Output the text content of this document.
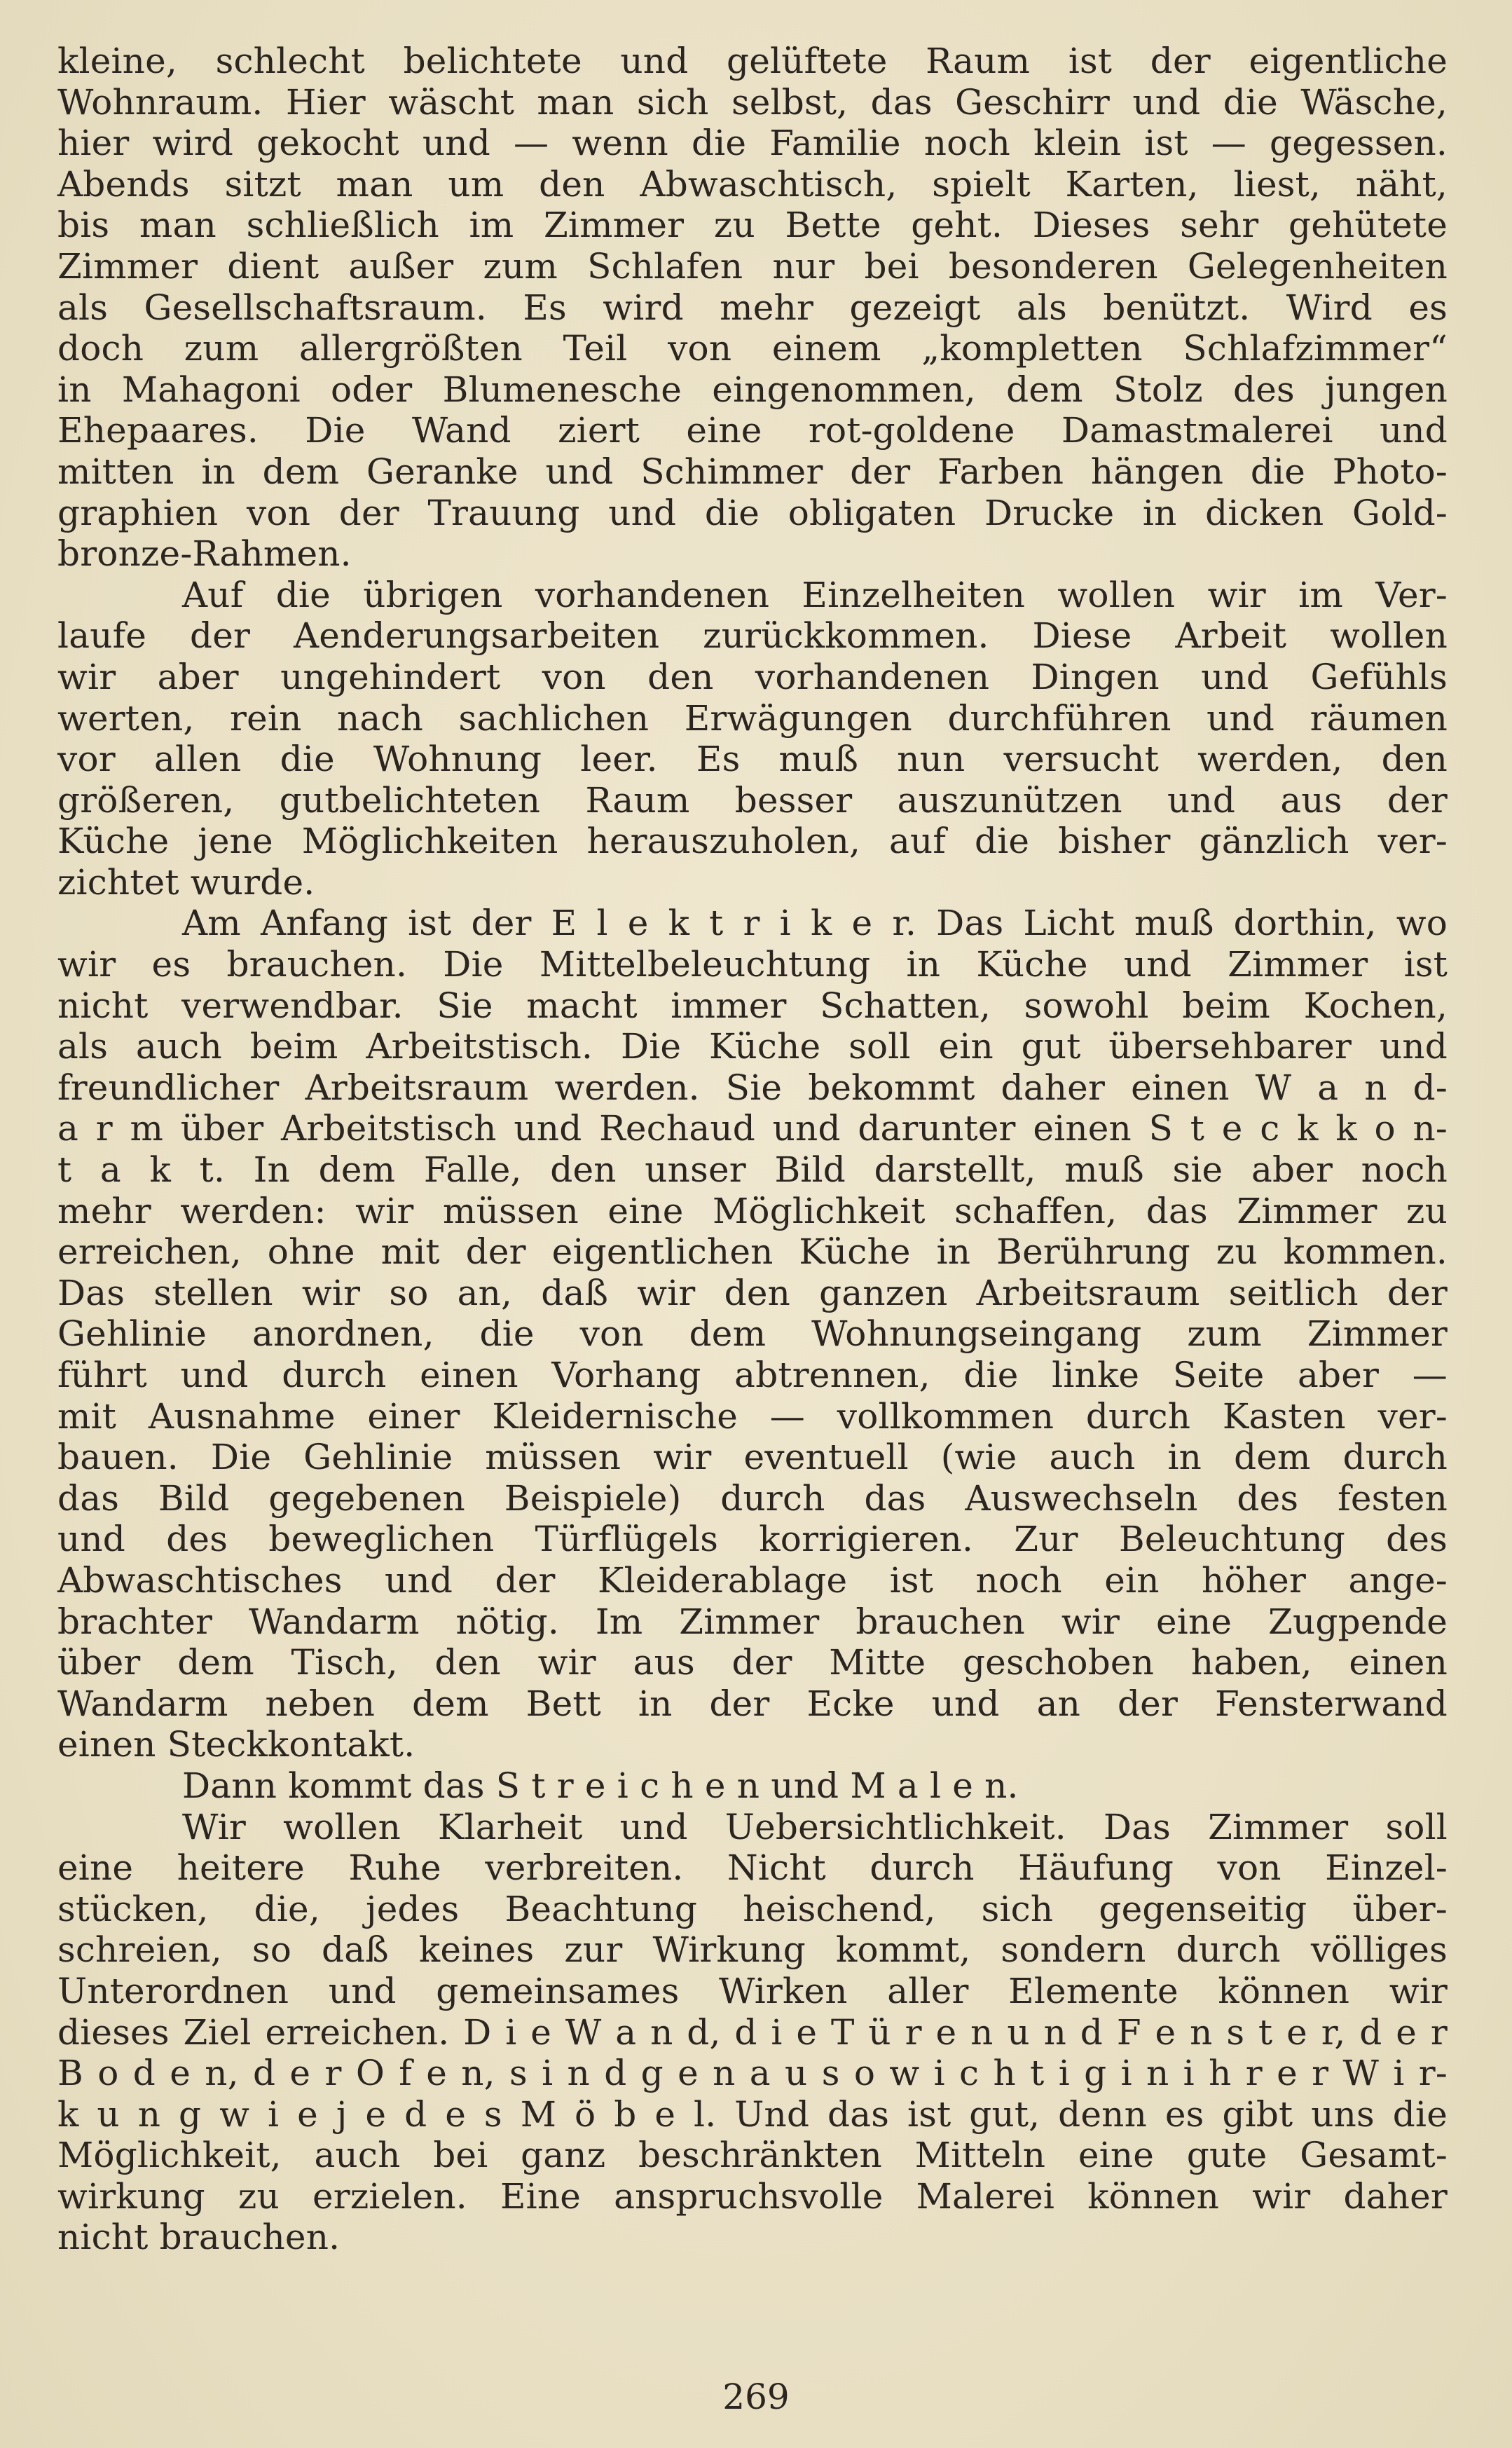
kleine, schlecht belichtete und gelüftete Raum ist der eigentliche
Wohnraum. Hier wäscht man sich selbst, das Geschirr und die Wäsche,
hier wird gekocht und — wenn die Familie noch klein ist — gegessen.
Abends sitzt man um den Abwaschtisch, spielt Karten, liest, näht,
bis man schließlich im Zimmer zu Bette geht. Dieses sehr gehütete
Zimmer dient außer zum Schlafen nur bei besonderen Gelegenheiten
als Gesellschaftsraum. Es wird mehr gezeigt als benützt. Wird es
doch zum allergrößten Teil von einem „kompletten Schlafzimmer“
in Mahagoni oder Blumenesche eingenommen, dem Stolz des jungen
Ehepaares. Die Wand ziert eine rot-goldene Damastmalerei und
mitten in dem Geranke und Schimmer der Farben hängen die Photo-
graphien von der Trauung und die obligaten Drucke in dicken Gold-
bronze-Rahmen.
Auf die übrigen vorhandenen Einzelheiten wollen wir im Ver-
laufe der Aenderungsarbeiten zurückkommen. Diese Arbeit wollen
wir aber ungehindert von den vorhandenen Dingen und Gefühls
werten, rein nach sachlichen Erwägungen durchführen und räumen
vor allen die Wohnung leer. Es muß nun versucht werden, den
größeren, gutbelichteten Raum besser auszunützen und aus der
Küche jene Möglichkeiten herauszuholen, auf die bisher gänzlich ver-
zichtet wurde.
Am Anfang ist der E l e k t r i k e r. Das Licht muß dorthin, wo
wir es brauchen. Die Mittelbeleuchtung in Küche und Zimmer ist
nicht verwendbar. Sie macht immer Schatten, sowohl beim Kochen,
als auch beim Arbeitstisch. Die Küche soll ein gut übersehbarer und
freundlicher Arbeitsraum werden. Sie bekommt daher einen W a n d-
a r m über Arbeitstisch und Rechaud und darunter einen S t e c k k o n-
t a k t. In dem Falle, den unser Bild darstellt, muß sie aber noch
mehr werden: wir müssen eine Möglichkeit schaffen, das Zimmer zu
erreichen, ohne mit der eigentlichen Küche in Berührung zu kommen.
Das stellen wir so an, daß wir den ganzen Arbeitsraum seitlich der
Gehlinie anordnen, die von dem Wohnungseingang zum Zimmer
führt und durch einen Vorhang abtrennen, die linke Seite aber —
mit Ausnahme einer Kleidernische — vollkommen durch Kasten ver-
bauen. Die Gehlinie müssen wir eventuell (wie auch in dem durch
das Bild gegebenen Beispiele) durch das Auswechseln des festen
und des beweglichen Türflügels korrigieren. Zur Beleuchtung des
Abwaschtisches und der Kleiderablage ist noch ein höher ange-
brachter Wandarm nötig. Im Zimmer brauchen wir eine Zugpende
über dem Tisch, den wir aus der Mitte geschoben haben, einen
Wandarm neben dem Bett in der Ecke und an der Fensterwand
einen Steckkontakt.
Dann kommt das S t r e i c h e n und M a l e n.
Wir wollen Klarheit und Uebersichtlichkeit. Das Zimmer soll
eine heitere Ruhe verbreiten. Nicht durch Häufung von Einzel-
stücken, die, jedes Beachtung heischend, sich gegenseitig über-
schreien, so daß keines zur Wirkung kommt, sondern durch völliges
Unterordnen und gemeinsames Wirken aller Elemente können wir
dieses Ziel erreichen. D i e W a n d, d i e T ü r e n u n d F e n s t e r, d e r
B o d e n, d e r O f e n, s i n d g e n a u s o w i c h t i g i n i h r e r W i r-
k u n g w i e j e d e s M ö b e l. Und das ist gut, denn es gibt uns die
Möglichkeit, auch bei ganz beschränkten Mitteln eine gute Gesamt-
wirkung zu erzielen. Eine anspruchsvolle Malerei können wir daher
nicht brauchen.
269
